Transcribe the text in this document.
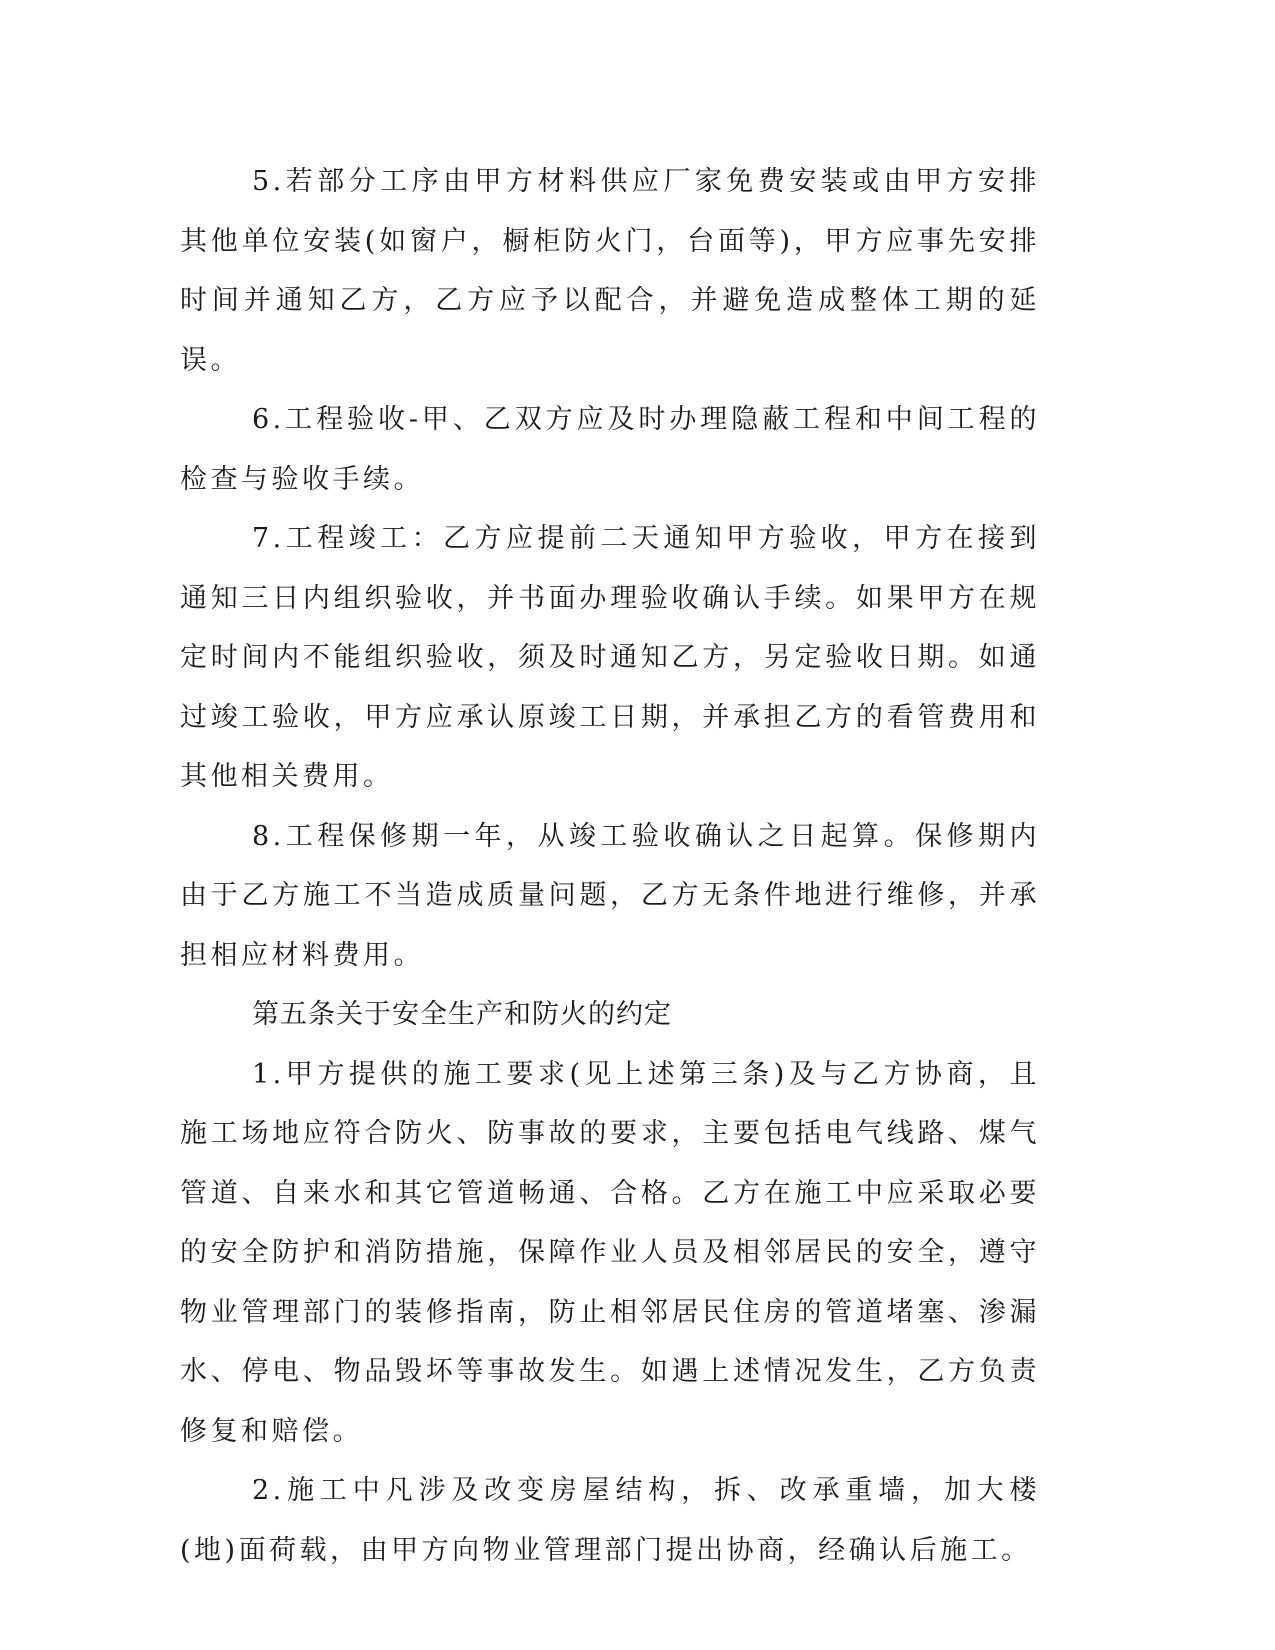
5.若部分工序由甲方材料供应厂家免费安装或由甲方安排其他单位安装(如窗户，橱柜防火门，台面等)，甲方应事先安排时间并通知乙方，乙方应予以配合，并避免造成整体工期的延误。

6.工程验收-甲、乙双方应及时办理隐蔽工程和中间工程的检查与验收手续。

7.工程竣工：乙方应提前二天通知甲方验收，甲方在接到通知三日内组织验收，并书面办理验收确认手续。如果甲方在规定时间内不能组织验收，须及时通知乙方，另定验收日期。如通过竣工验收，甲方应承认原竣工日期，并承担乙方的看管费用和其他相关费用。

8.工程保修期一年，从竣工验收确认之日起算。保修期内由于乙方施工不当造成质量问题，乙方无条件地进行维修，并承担相应材料费用。

第五条关于安全生产和防火的约定

1.甲方提供的施工要求(见上述第三条)及与乙方协商，且施工场地应符合防火、防事故的要求，主要包括电气线路、煤气管道、自来水和其它管道畅通、合格。乙方在施工中应采取必要的安全防护和消防措施，保障作业人员及相邻居民的安全，遵守物业管理部门的装修指南，防止相邻居民住房的管道堵塞、渗漏水、停电、物品毁坏等事故发生。如遇上述情况发生，乙方负责修复和赔偿。

2.施工中凡涉及改变房屋结构，拆、改承重墙，加大楼(地)面荷载，由甲方向物业管理部门提出协商，经确认后施工。
